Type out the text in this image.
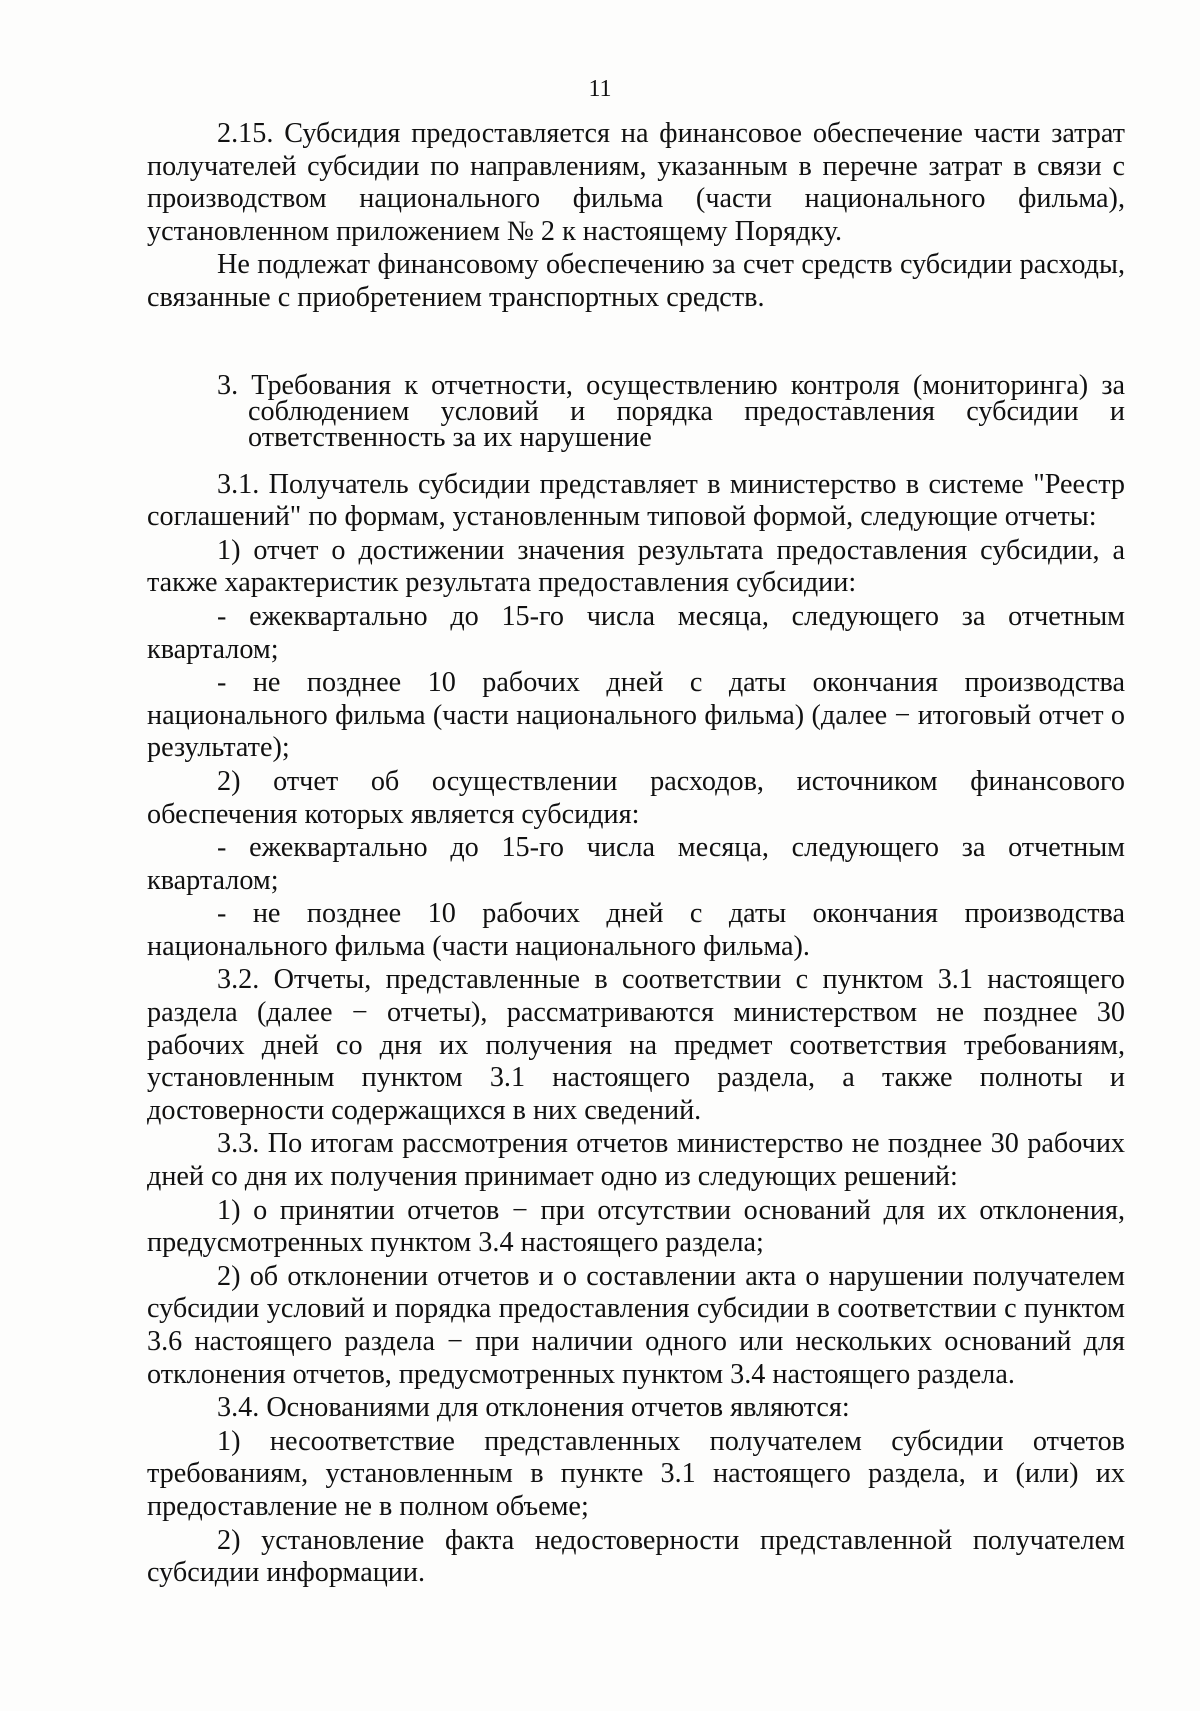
11

2.15. Субсидия предоставляется на финансовое обеспечение части затрат получателей субсидии по направлениям, указанным в перечне затрат в связи с производством национального фильма (части национального фильма), установленном приложением № 2 к настоящему Порядку.

Не подлежат финансовому обеспечению за счет средств субсидии расходы, связанные с приобретением транспортных средств.

3. Требования к отчетности, осуществлению контроля (мониторинга) за
соблюдением условий и порядка предоставления субсидии и
ответственность за их нарушение

3.1. Получатель субсидии представляет в министерство в системе "Реестр соглашений" по формам, установленным типовой формой, следующие отчеты:

1) отчет о достижении значения результата предоставления субсидии, а также характеристик результата предоставления субсидии:

- ежеквартально до 15-го числа месяца, следующего за отчетным кварталом;

- не позднее 10 рабочих дней с даты окончания производства национального фильма (части национального фильма) (далее − итоговый отчет о результате);

2) отчет об осуществлении расходов, источником финансового обеспечения которых является субсидия:

- ежеквартально до 15-го числа месяца, следующего за отчетным кварталом;

- не позднее 10 рабочих дней с даты окончания производства национального фильма (части национального фильма).

3.2. Отчеты, представленные в соответствии с пунктом 3.1 настоящего раздела (далее − отчеты), рассматриваются министерством не позднее 30 рабочих дней со дня их получения на предмет соответствия требованиям, установленным пунктом 3.1 настоящего раздела, а также полноты и достоверности содержащихся в них сведений.

3.3. По итогам рассмотрения отчетов министерство не позднее 30 рабочих дней со дня их получения принимает одно из следующих решений:

1) о принятии отчетов − при отсутствии оснований для их отклонения, предусмотренных пунктом 3.4 настоящего раздела;

2) об отклонении отчетов и о составлении акта о нарушении получателем субсидии условий и порядка предоставления субсидии в соответствии с пунктом 3.6 настоящего раздела − при наличии одного или нескольких оснований для отклонения отчетов, предусмотренных пунктом 3.4 настоящего раздела.

3.4. Основаниями для отклонения отчетов являются:

1) несоответствие представленных получателем субсидии отчетов требованиям, установленным в пункте 3.1 настоящего раздела, и (или) их предоставление не в полном объеме;

2) установление факта недостоверности представленной получателем субсидии информации.
